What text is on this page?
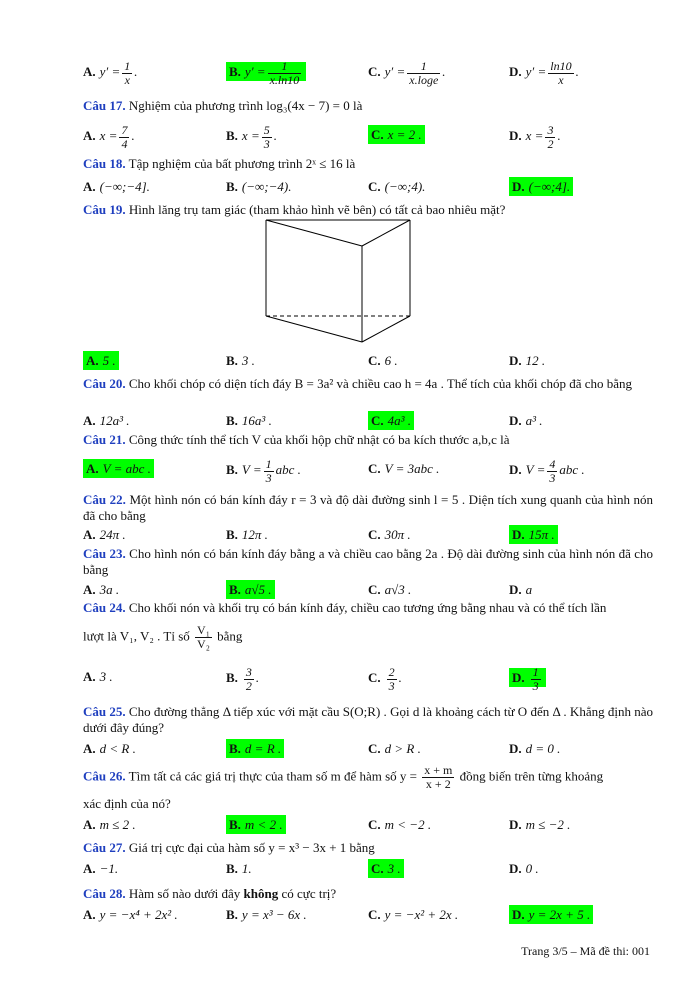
A. $y' = \frac{1}{x}$ .	B. $y' = \frac{1}{x.\ln 10}$	C. $y' = \frac{1}{x.\log e}$ .	D. $y' = \frac{\ln 10}{x}$ .
Câu 17. Nghiệm của phương trình log₃(4x − 7) = 0 là
A. $x = \frac{7}{4}$ .	B. $x = \frac{5}{3}$ .	C. x = 2 .	D. $x = \frac{3}{2}$ .
Câu 18. Tập nghiệm của bất phương trình 2ˣ ≤ 16 là
A. (−∞;−4].	B. (−∞;−4).	C. (−∞;4).	D. (−∞;4].
Câu 19. Hình lăng trụ tam giác (tham khảo hình vẽ bên) có tất cả bao nhiêu mặt?
A. 5 .	B. 3 .	C. 6 .	D. 12 .
Câu 20. Cho khối chóp có diện tích đáy B = 3a² và chiều cao h = 4a . Thể tích của khối chóp đã cho bằng
A. 12a³ .	B. 16a³ .	C. 4a³ .	D. a³ .
Câu 21. Công thức tính thể tích V của khối hộp chữ nhật có ba kích thước a,b,c là
A. V = abc .	B. $V = \frac{1}{3}$ abc .	C. V = 3abc .	D. $V = \frac{4}{3}$ abc .
Câu 22. Một hình nón có bán kính đáy r = 3 và độ dài đường sinh l = 5 . Diện tích xung quanh của hình nón đã cho bằng
A. 24π .	B. 12π .	C. 30π .	D. 15π .
Câu 23. Cho hình nón có bán kính đáy bằng a và chiều cao bằng 2a . Độ dài đường sinh của hình nón đã cho bằng
A. 3a .	B. a√5 .	C. a√3 .	D. a
Câu 24. Cho khối nón và khối trụ có bán kính đáy, chiều cao tương ứng bằng nhau và có thể tích lần
lượt là V₁, V₂ . Tỉ số $\frac{\text{V₁}}{\text{V₂}}$ bằng
A. 3 .	B. $\frac{3}{2}$ .	C. $\frac{2}{3}$ .	D. $\frac{1}{3}$
Câu 25. Cho đường thẳng Δ tiếp xúc với mặt cầu S(O;R) . Gọi d là khoảng cách từ O đến Δ . Khẳng định nào dưới đây đúng?
A. d < R .	B. d = R .	C. d > R .	D. d = 0 .
Câu 26. Tìm tất cả các giá trị thực của tham số m để hàm số $y = \frac{x + m}{x + 2}$ đồng biến trên từng khoảng
xác định của nó?
A. m ≤ 2 .	B. m < 2 .	C. m < −2 .	D. m ≤ −2 .
Câu 27. Giá trị cực đại của hàm số y = x³ − 3x + 1 bằng
A. −1.	B. 1.	C. 3 .	D. 0 .
Câu 28. Hàm số nào dưới đây không có cực trị?
A. y = −x⁴ + 2x² .	B. y = x³ − 6x .	C. y = −x² + 2x .	D. y = 2x + 5 .
Trang 3/5 – Mã đề thi: 001
